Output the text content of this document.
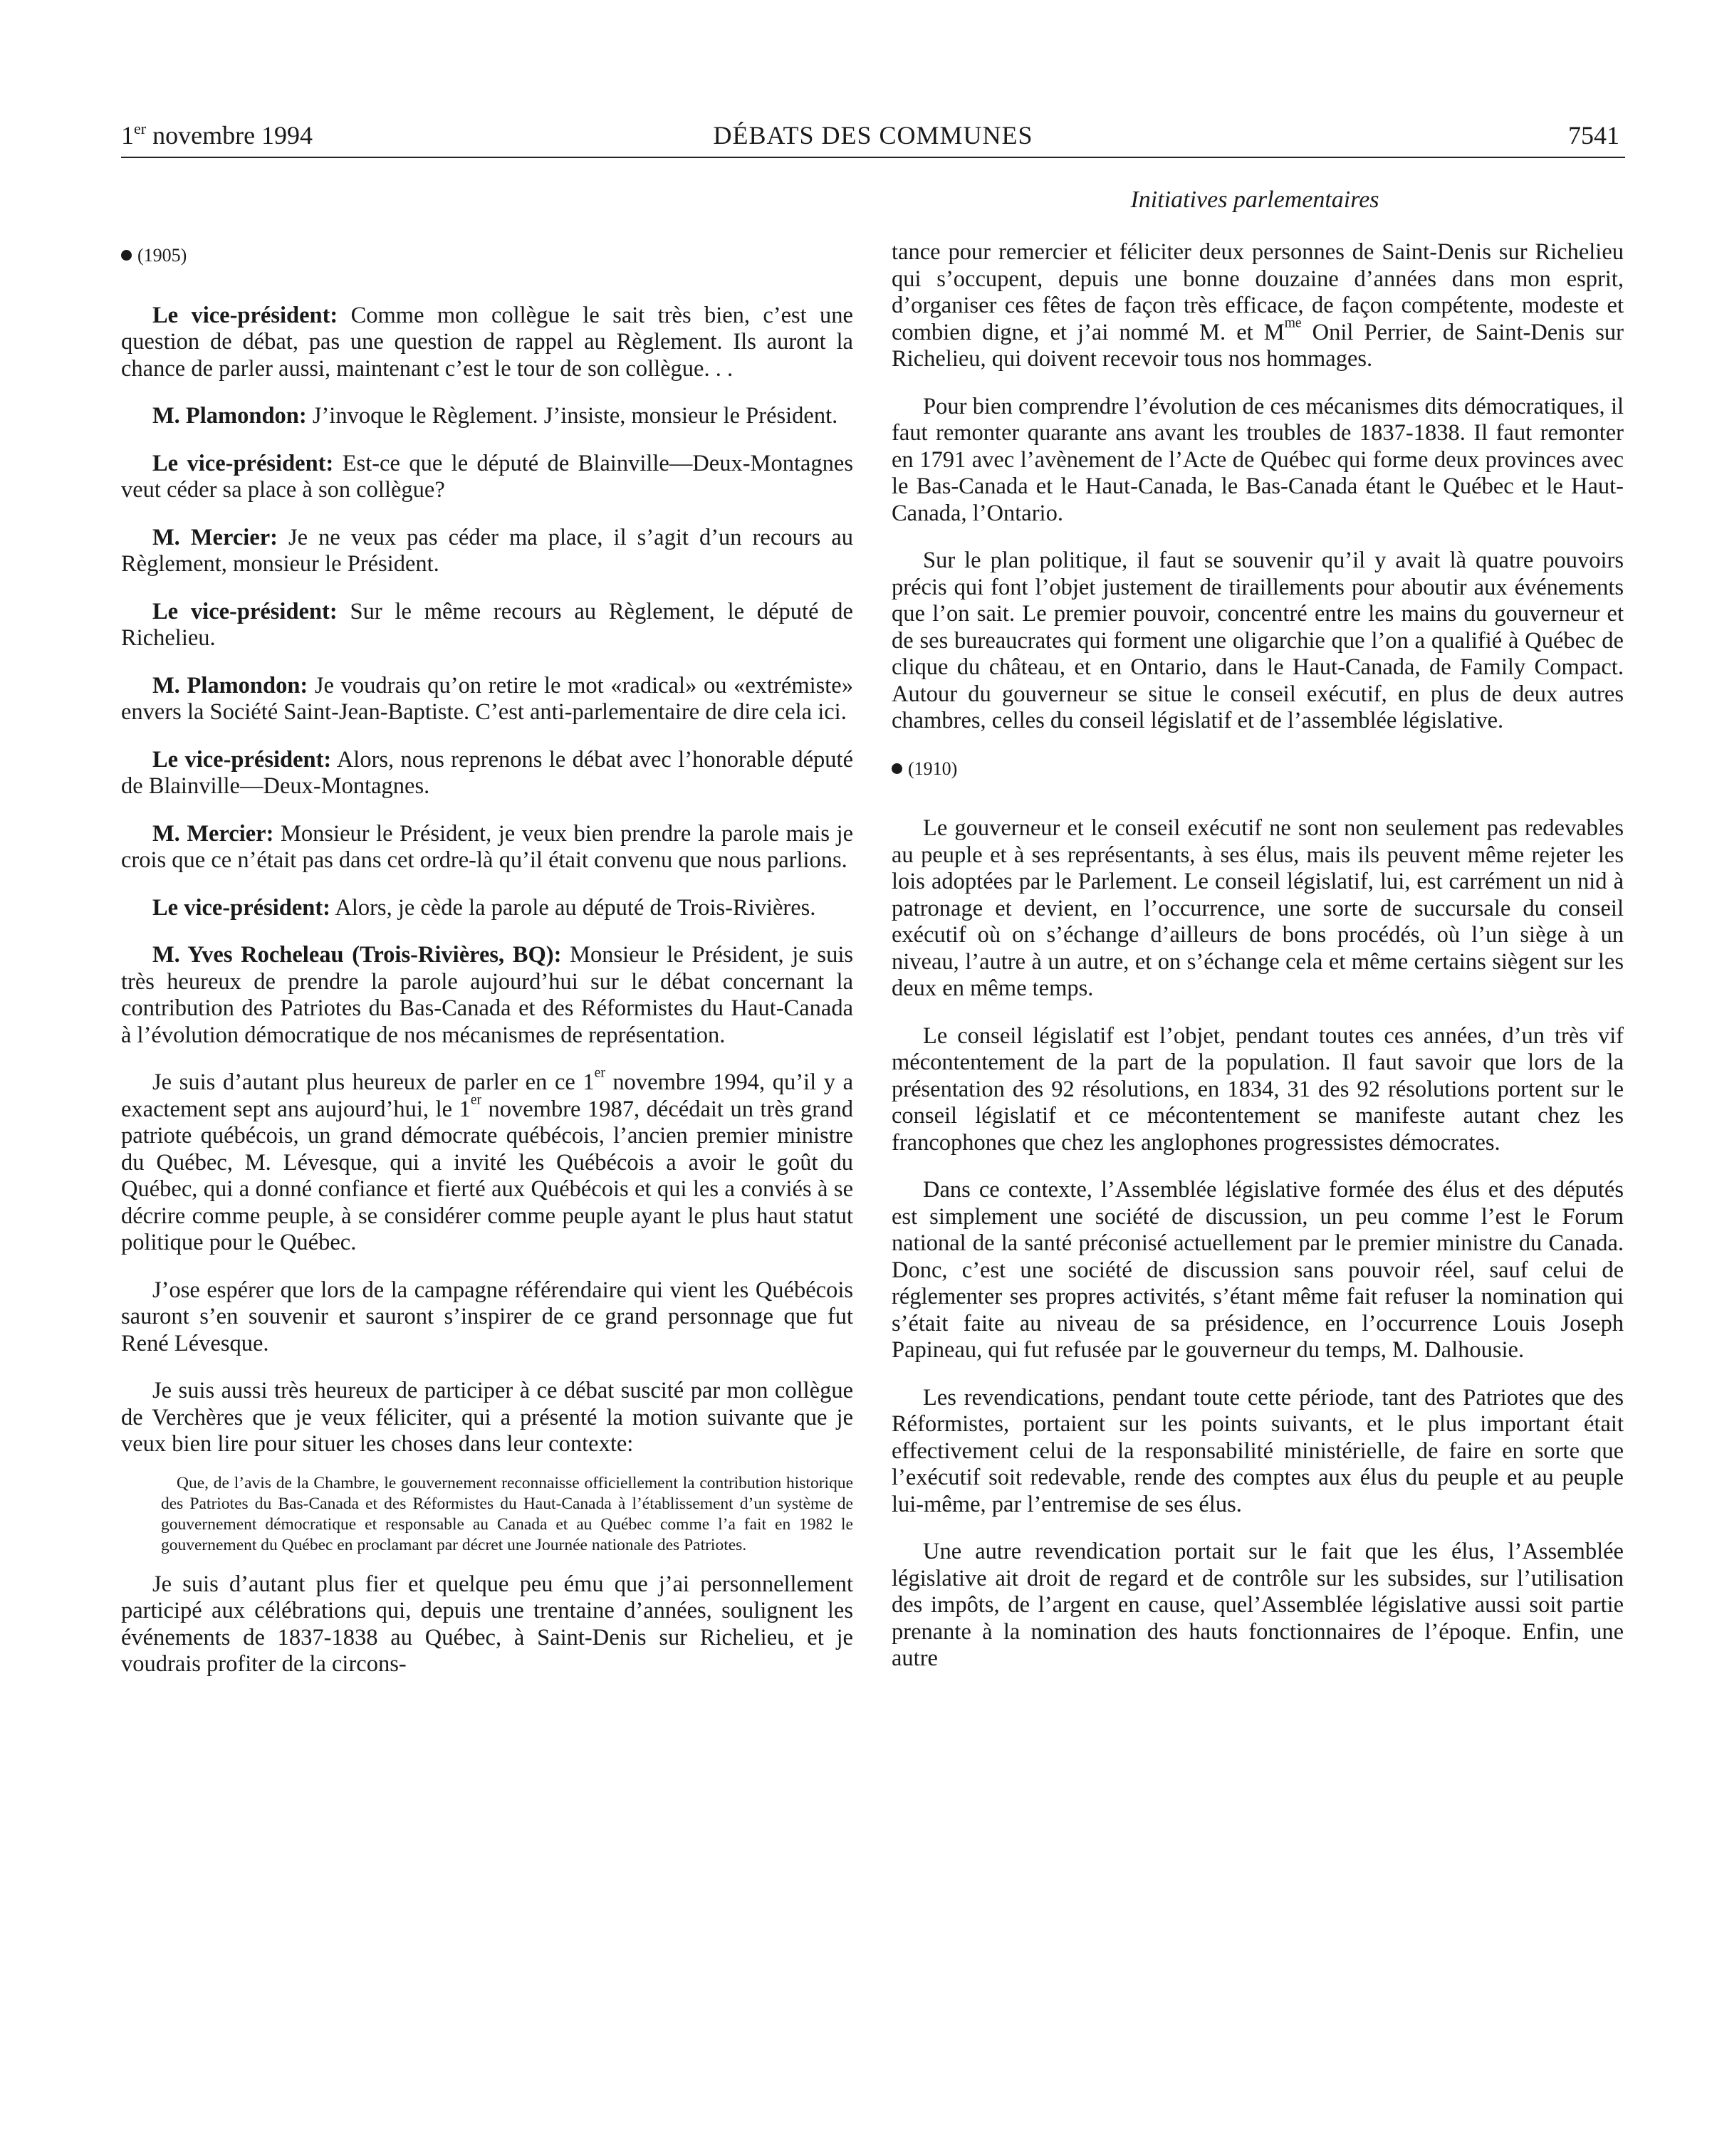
1er novembre 1994	DÉBATS DES COMMUNES	7541
Initiatives parlementaires

(1905)

Le vice-président: Comme mon collègue le sait très bien, c’est une question de débat, pas une question de rappel au Règlement. Ils auront la chance de parler aussi, maintenant c’est le tour de son collègue. . .

M. Plamondon: J’invoque le Règlement. J’insiste, monsieur le Président.

Le vice-président: Est-ce que le député de Blainville—Deux-Montagnes veut céder sa place à son collègue?

M. Mercier: Je ne veux pas céder ma place, il s’agit d’un recours au Règlement, monsieur le Président.

Le vice-président: Sur le même recours au Règlement, le député de Richelieu.

M. Plamondon: Je voudrais qu’on retire le mot «radical» ou «extrémiste» envers la Société Saint-Jean-Baptiste. C’est anti-parlementaire de dire cela ici.

Le vice-président: Alors, nous reprenons le débat avec l’honorable député de Blainville—Deux-Montagnes.

M. Mercier: Monsieur le Président, je veux bien prendre la parole mais je crois que ce n’était pas dans cet ordre-là qu’il était convenu que nous parlions.

Le vice-président: Alors, je cède la parole au député de Trois-Rivières.

M. Yves Rocheleau (Trois-Rivières, BQ): Monsieur le Président, je suis très heureux de prendre la parole aujourd’hui sur le débat concernant la contribution des Patriotes du Bas-Canada et des Réformistes du Haut-Canada à l’évolution démocratique de nos mécanismes de représentation.

Je suis d’autant plus heureux de parler en ce 1er novembre 1994, qu’il y a exactement sept ans aujourd’hui, le 1er novembre 1987, décédait un très grand patriote québécois, un grand démocrate québécois, l’ancien premier ministre du Québec, M. Lévesque, qui a invité les Québécois a avoir le goût du Québec, qui a donné confiance et fierté aux Québécois et qui les a conviés à se décrire comme peuple, à se considérer comme peuple ayant le plus haut statut politique pour le Québec.

J’ose espérer que lors de la campagne référendaire qui vient les Québécois sauront s’en souvenir et sauront s’inspirer de ce grand personnage que fut René Lévesque.

Je suis aussi très heureux de participer à ce débat suscité par mon collègue de Verchères que je veux féliciter, qui a présenté la motion suivante que je veux bien lire pour situer les choses dans leur contexte:

Que, de l’avis de la Chambre, le gouvernement reconnaisse officiellement la contribution historique des Patriotes du Bas-Canada et des Réformistes du Haut-Canada à l’établissement d’un système de gouvernement démocratique et responsable au Canada et au Québec comme l’a fait en 1982 le gouvernement du Québec en proclamant par décret une Journée nationale des Patriotes.

Je suis d’autant plus fier et quelque peu ému que j’ai personnellement participé aux célébrations qui, depuis une trentaine d’années, soulignent les événements de 1837-1838 au Québec, à Saint-Denis sur Richelieu, et je voudrais profiter de la circons-

tance pour remercier et féliciter deux personnes de Saint-Denis sur Richelieu qui s’occupent, depuis une bonne douzaine d’années dans mon esprit, d’organiser ces fêtes de façon très efficace, de façon compétente, modeste et combien digne, et j’ai nommé M. et $M^{me}$ Onil Perrier, de Saint-Denis sur Richelieu, qui doivent recevoir tous nos hommages.

Pour bien comprendre l’évolution de ces mécanismes dits démocratiques, il faut remonter quarante ans avant les troubles de 1837-1838. Il faut remonter en 1791 avec l’avènement de l’Acte de Québec qui forme deux provinces avec le Bas-Canada et le Haut-Canada, le Bas-Canada étant le Québec et le Haut-Canada, l’Ontario.

Sur le plan politique, il faut se souvenir qu’il y avait là quatre pouvoirs précis qui font l’objet justement de tiraillements pour aboutir aux événements que l’on sait. Le premier pouvoir, concentré entre les mains du gouverneur et de ses bureaucrates qui forment une oligarchie que l’on a qualifié à Québec de clique du château, et en Ontario, dans le Haut-Canada, de Family Compact. Autour du gouverneur se situe le conseil exécutif, en plus de deux autres chambres, celles du conseil législatif et de l’assemblée législative.

(1910)

Le gouverneur et le conseil exécutif ne sont non seulement pas redevables au peuple et à ses représentants, à ses élus, mais ils peuvent même rejeter les lois adoptées par le Parlement. Le conseil législatif, lui, est carrément un nid à patronage et devient, en l’occurrence, une sorte de succursale du conseil exécutif où on s’échange d’ailleurs de bons procédés, où l’un siège à un niveau, l’autre à un autre, et on s’échange cela et même certains siègent sur les deux en même temps.

Le conseil législatif est l’objet, pendant toutes ces années, d’un très vif mécontentement de la part de la population. Il faut savoir que lors de la présentation des 92 résolutions, en 1834, 31 des 92 résolutions portent sur le conseil législatif et ce mécontentement se manifeste autant chez les francophones que chez les anglophones progressistes démocrates.

Dans ce contexte, l’Assemblée législative formée des élus et des députés est simplement une société de discussion, un peu comme l’est le Forum national de la santé préconisé actuellement par le premier ministre du Canada. Donc, c’est une société de discussion sans pouvoir réel, sauf celui de réglementer ses propres activités, s’étant même fait refuser la nomination qui s’était faite au niveau de sa présidence, en l’occurrence Louis Joseph Papineau, qui fut refusée par le gouverneur du temps, M. Dalhousie.

Les revendications, pendant toute cette période, tant des Patriotes que des Réformistes, portaient sur les points suivants, et le plus important était effectivement celui de la responsabilité ministérielle, de faire en sorte que l’exécutif soit redevable, rende des comptes aux élus du peuple et au peuple lui-même, par l’entremise de ses élus.

Une autre revendication portait sur le fait que les élus, l’Assemblée législative ait droit de regard et de contrôle sur les subsides, sur l’utilisation des impôts, de l’argent en cause, quel’Assemblée législative aussi soit partie prenante à la nomination des hauts fonctionnaires de l’époque. Enfin, une autre
